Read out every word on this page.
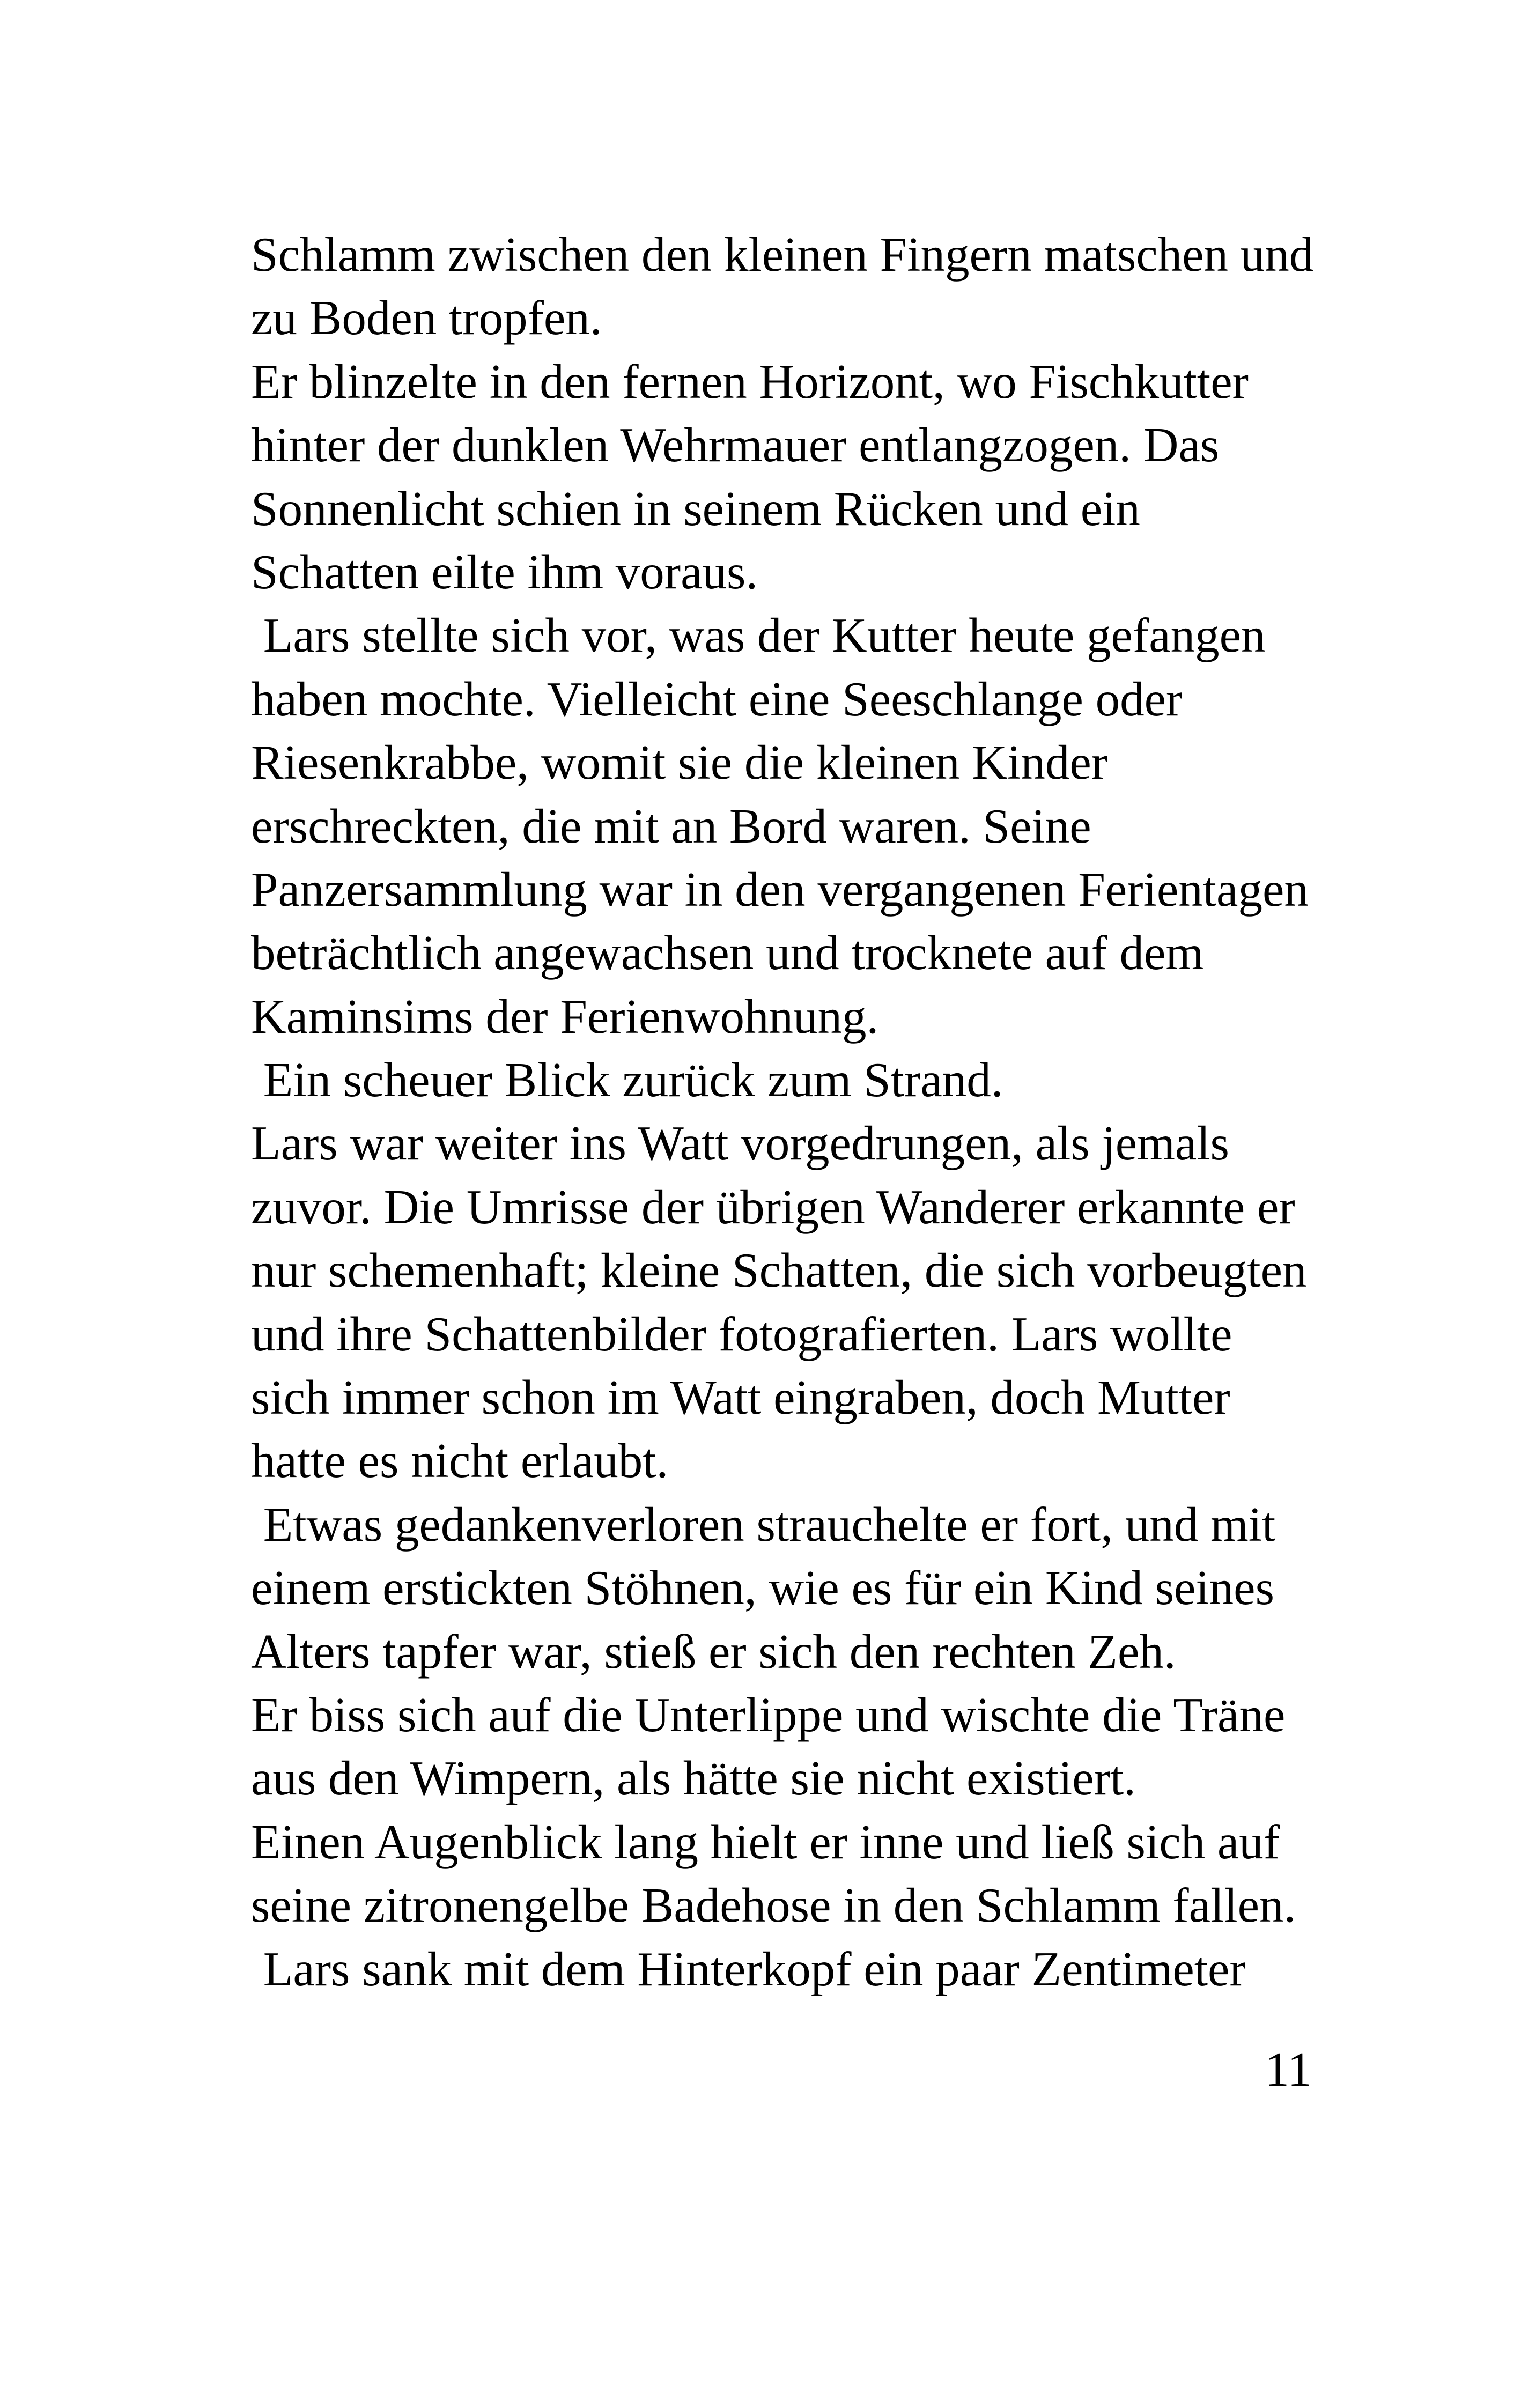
Schlamm zwischen den kleinen Fingern matschen und
zu Boden tropfen.
Er blinzelte in den fernen Horizont, wo Fischkutter
hinter der dunklen Wehrmauer entlangzogen. Das
Sonnenlicht schien in seinem Rücken und ein
Schatten eilte ihm voraus.
Lars stellte sich vor, was der Kutter heute gefangen
haben mochte. Vielleicht eine Seeschlange oder
Riesenkrabbe, womit sie die kleinen Kinder
erschreckten, die mit an Bord waren. Seine
Panzersammlung war in den vergangenen Ferientagen
beträchtlich angewachsen und trocknete auf dem
Kaminsims der Ferienwohnung.
Ein scheuer Blick zurück zum Strand.
Lars war weiter ins Watt vorgedrungen, als jemals
zuvor. Die Umrisse der übrigen Wanderer erkannte er
nur schemenhaft; kleine Schatten, die sich vorbeugten
und ihre Schattenbilder fotografierten. Lars wollte
sich immer schon im Watt eingraben, doch Mutter
hatte es nicht erlaubt.
Etwas gedankenverloren strauchelte er fort, und mit
einem erstickten Stöhnen, wie es für ein Kind seines
Alters tapfer war, stieß er sich den rechten Zeh.
Er biss sich auf die Unterlippe und wischte die Träne
aus den Wimpern, als hätte sie nicht existiert.
Einen Augenblick lang hielt er inne und ließ sich auf
seine zitronengelbe Badehose in den Schlamm fallen.
Lars sank mit dem Hinterkopf ein paar Zentimeter
11
